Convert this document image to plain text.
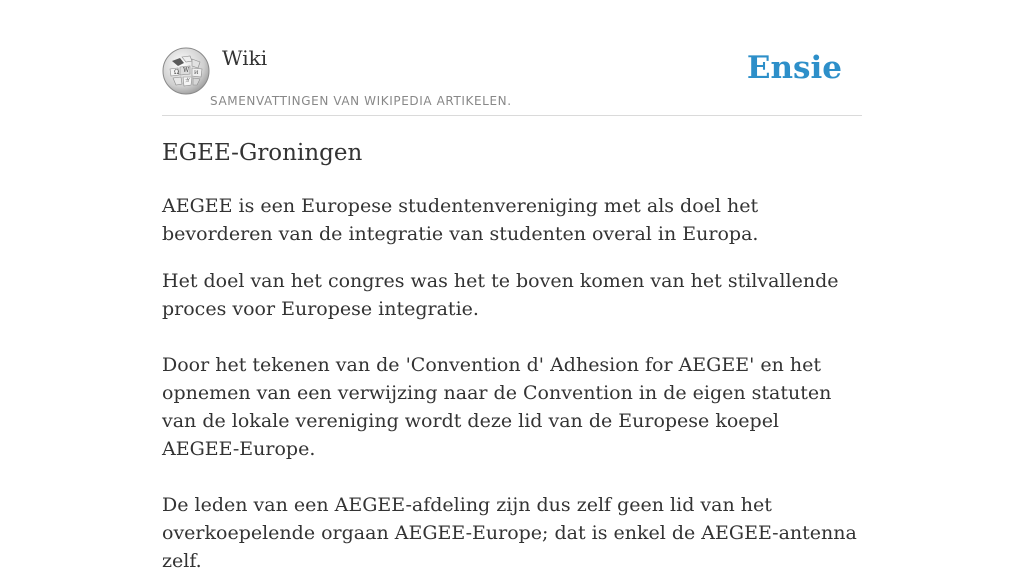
Ω W И
ガ
Wiki
SAMENVATTINGEN VAN WIKIPEDIA ARTIKELEN.
Ensie
EGEE-Groningen

AEGEE is een Europese studentenvereniging met als doel het bevorderen van de integratie van studenten overal in Europa.

Het doel van het congres was het te boven komen van het stilvallende proces voor Europese integratie.

Door het tekenen van de 'Convention d' Adhesion for AEGEE' en het opnemen van een verwijzing naar de Convention in de eigen statuten van de lokale vereniging wordt deze lid van de Europese koepel AEGEE-Europe.

De leden van een AEGEE-afdeling zijn dus zelf geen lid van het overkoepelende orgaan AEGEE-Europe; dat is enkel de AEGEE-antenna zelf.
